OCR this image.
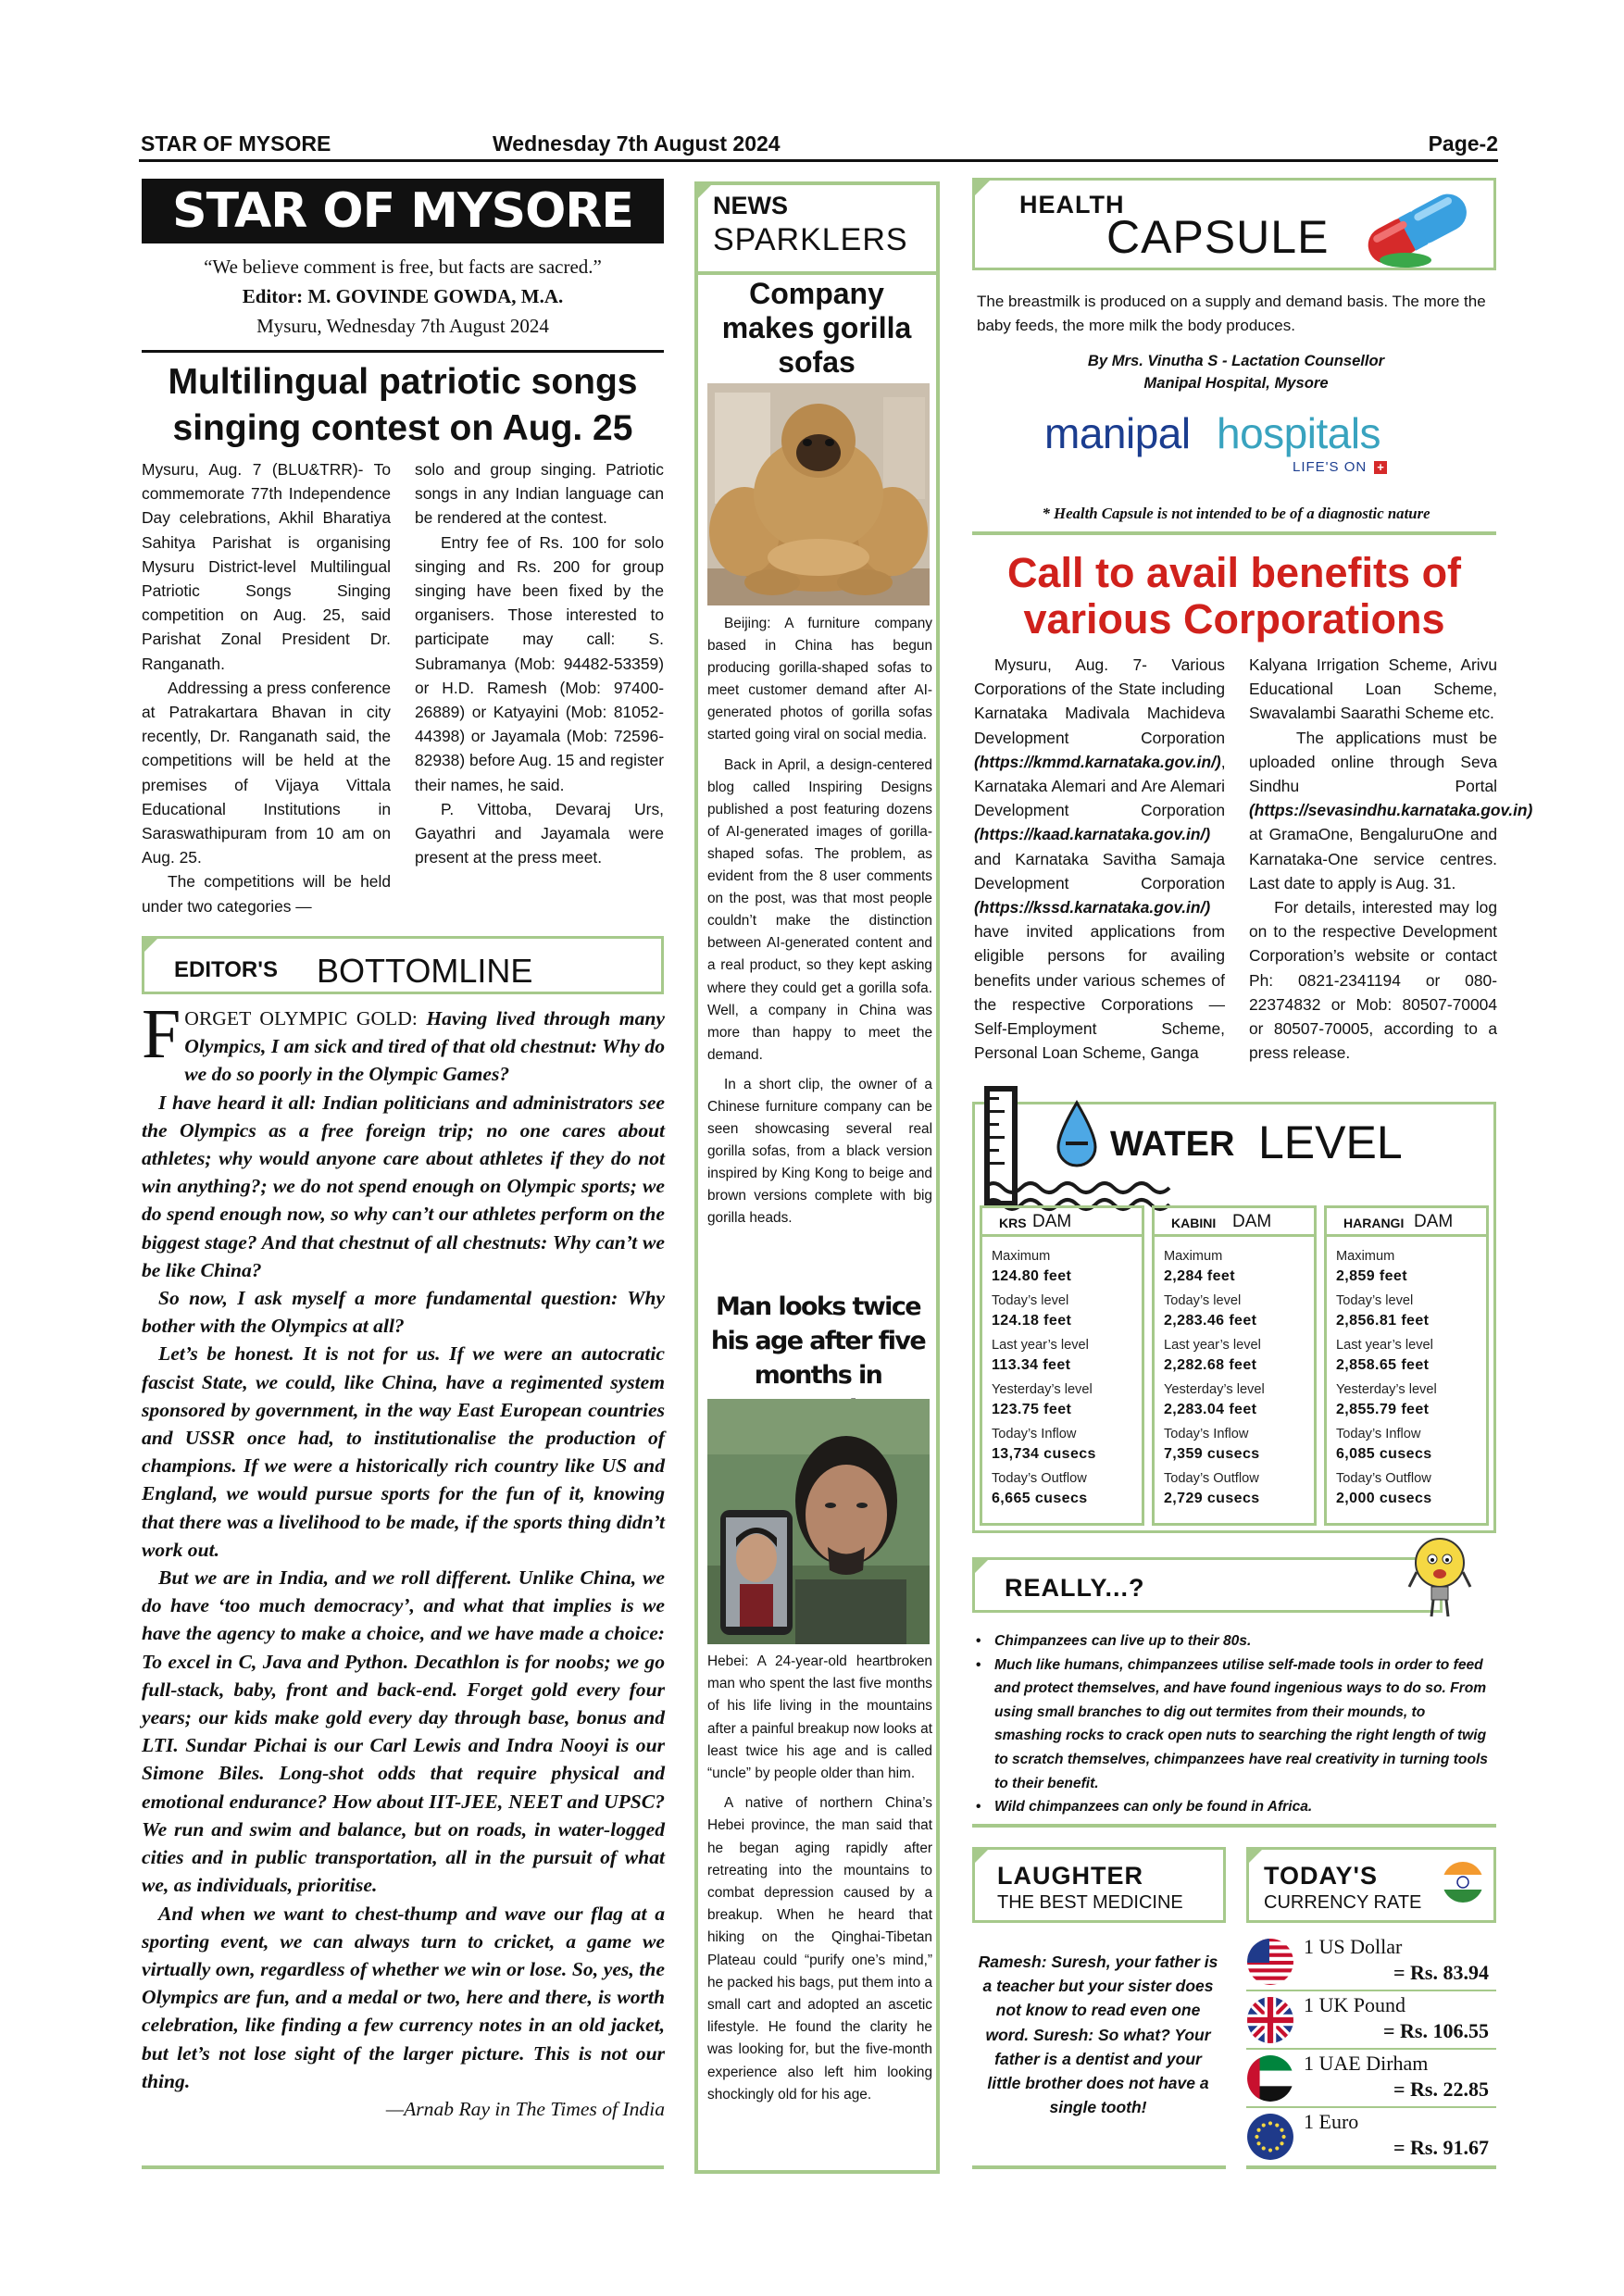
STAR OF MYSORE	Wednesday 7th August 2024	Page-2
STAR OF MYSORE
“We believe comment is free, but facts are sacred.”
Editor: M. GOVINDE GOWDA, M.A.
Mysuru, Wednesday 7th August 2024
Multilingual patriotic songs
singing contest on Aug. 25

Mysuru, Aug. 7 (BLU&TRR)- To commemorate 77th Independence Day celebrations, Akhil Bharatiya Sahitya Parishat is organising Mysuru District-level Multilingual Patriotic Songs Singing competition on Aug. 25, said Parishat Zonal President Dr. Ranganath.

Addressing a press conference at Patrakartara Bhavan in city recently, Dr. Ranganath said, the competitions will be held at the premises of Vijaya Vittala Educational Institutions in Saraswathipuram from 10 am on Aug. 25.

The competitions will be held under two categories —

solo and group singing. Patriotic songs in any Indian language can be rendered at the contest.

Entry fee of Rs. 100 for solo singing and Rs. 200 for group singing have been fixed by the organisers. Those interested to participate may call: S. Subramanya (Mob: 94482-53359) or H.D. Ramesh (Mob: 97400-26889) or Katyayini (Mob: 81052-44398) or Jayamala (Mob: 72596-82938) before Aug. 15 and register their names, he said.

P. Vittoba, Devaraj Urs, Gayathri and Jayamala were present at the press meet.

EDITOR'S BOTTOMLINE

FORGET OLYMPIC GOLD: Having lived through many Olympics, I am sick and tired of that old chestnut: Why do we do so poorly in the Olympic Games?

I have heard it all: Indian politicians and administrators see the Olympics as a free foreign trip; no one cares about athletes; why would anyone care about athletes if they do not win anything?; we do not spend enough on Olympic sports; we do spend enough now, so why can’t our athletes perform on the biggest stage? And that chestnut of all chestnuts: Why can’t we be like China?

So now, I ask myself a more fundamental question: Why bother with the Olympics at all?

Let’s be honest. It is not for us. If we were an autocratic fascist State, we could, like China, have a regimented system sponsored by government, in the way East European countries and USSR once had, to institutionalise the production of champions. If we were a historically rich country like US and England, we would pursue sports for the fun of it, knowing that there was a livelihood to be made, if the sports thing didn’t work out.

But we are in India, and we roll different. Unlike China, we do have ‘too much democracy’, and what that implies is we have the agency to make a choice, and we have made a choice: To excel in C, Java and Python. Decathlon is for noobs; we go full-stack, baby, front and back-end. Forget gold every four years; our kids make gold every day through base, bonus and LTI. Sundar Pichai is our Carl Lewis and Indra Nooyi is our Simone Biles. Long-shot odds that require physical and emotional endurance? How about IIT-JEE, NEET and UPSC? We run and swim and balance, but on roads, in water-logged cities and in public transportation, all in the pursuit of what we, as individuals, prioritise.

And when we want to chest-thump and wave our flag at a sporting event, we can always turn to cricket, a game we virtually own, regardless of whether we win or lose. So, yes, the Olympics are fun, and a medal or two, here and there, is worth celebration, like finding a few currency notes in an old jacket, but let’s not lose sight of the larger picture. This is not our thing.

—Arnab Ray in The Times of India

NEWS
SPARKLERS
Company makes gorilla sofas

Beijing: A furniture company based in China has begun producing gorilla-shaped sofas to meet customer demand after AI-generated photos of gorilla sofas started going viral on social media.

Back in April, a design-centered blog called Inspiring Designs published a post featuring dozens of AI-generated images of gorilla-shaped sofas. The problem, as evident from the 8 user comments on the post, was that most people couldn’t make the distinction between AI-generated content and a real product, so they kept asking where they could get a gorilla sofa. Well, a company in China was more than happy to meet the demand.

In a short clip, the owner of a Chinese furniture company can be seen showcasing several real gorilla sofas, from a black version inspired by King Kong to beige and brown versions complete with big gorilla heads.

Man looks twice his age after five months in

Hebei: A 24-year-old heartbroken man who spent the last five months of his life living in the mountains after a painful breakup now looks at least twice his age and is called “uncle” by people older than him.

A native of northern China’s Hebei province, the man said that he began aging rapidly after retreating into the mountains to combat depression caused by a breakup. When he heard that hiking on the Qinghai-Tibetan Plateau could “purify one’s mind,” he packed his bags, put them into a small cart and adopted an ascetic lifestyle. He found the clarity he was looking for, but the five-month experience also left him looking shockingly old for his age.

HEALTH
CAPSULE
The breastmilk is produced on a supply and demand basis. The more the baby feeds, the more milk the body produces.
By Mrs. Vinutha S - Lactation Counsellor
Manipal Hospital, Mysore
manipal hospitals
LIFE'S ON +
* Health Capsule is not intended to be of a diagnostic nature
Call to avail benefits of
various Corporations
Mysuru, Aug. 7- Various Corporations of the State including Karnataka Madivala Machideva Development Corporation (https://kmmd.karnataka.gov.in/), Karnataka Alemari and Are Alemari Development Corporation (https://kaad.karnataka.gov.in/) and Karnataka Savitha Samaja Development Corporation (https://kssd.karnataka.gov.in/) have invited applications from eligible persons for availing benefits under various schemes of the respective Corporations — Self-Employment Scheme, Personal Loan Scheme, Ganga
Kalyana Irrigation Scheme, Arivu Educational Loan Scheme, Swavalambi Saarathi Scheme etc.
The applications must be uploaded online through Seva Sindhu Portal (https://sevasindhu.karnataka.gov.in) at GramaOne, BengaluruOne and Karnataka-One service centres. Last date to apply is Aug. 31.
For details, interested may log on to the respective Development Corporation’s website or contact Ph: 0821-2341194 or 080-22374832 or Mob: 80507-70004 or 80507-70005, according to a press release.
WATER LEVEL
KRS DAM
Maximum
124.80 feet
Today’s level
124.18 feet
Last year’s level
113.34 feet
Yesterday’s level
123.75 feet
Today’s Inflow
13,734 cusecs
Today’s Outflow
6,665 cusecs
KABINI DAM
Maximum
2,284 feet
Today’s level
2,283.46 feet
Last year’s level
2,282.68 feet
Yesterday’s level
2,283.04 feet
Today’s Inflow
7,359 cusecs
Today’s Outflow
2,729 cusecs
HARANGI DAM
Maximum
2,859 feet
Today’s level
2,856.81 feet
Last year’s level
2,858.65 feet
Yesterday’s level
2,855.79 feet
Today’s Inflow
6,085 cusecs
Today’s Outflow
2,000 cusecs
REALLY...?
• Chimpanzees can live up to their 80s.
• Much like humans, chimpanzees utilise self-made tools in order to feed and protect themselves, and have found ingenious ways to do so. From using small branches to dig out termites from their mounds, to smashing rocks to crack open nuts to searching the right length of twig to scratch themselves, chimpanzees have real creativity in turning tools to their benefit.
• Wild chimpanzees can only be found in Africa.
LAUGHTER
THE BEST MEDICINE
Ramesh: Suresh, your father is a teacher but your sister does not know to read even one word. Suresh: So what? Your father is a dentist and your little brother does not have a single tooth!
TODAY'S
CURRENCY RATE
1 US Dollar
= Rs. 83.94
1 UK Pound
= Rs. 106.55
1 UAE Dirham
= Rs. 22.85
1 Euro
= Rs. 91.67
